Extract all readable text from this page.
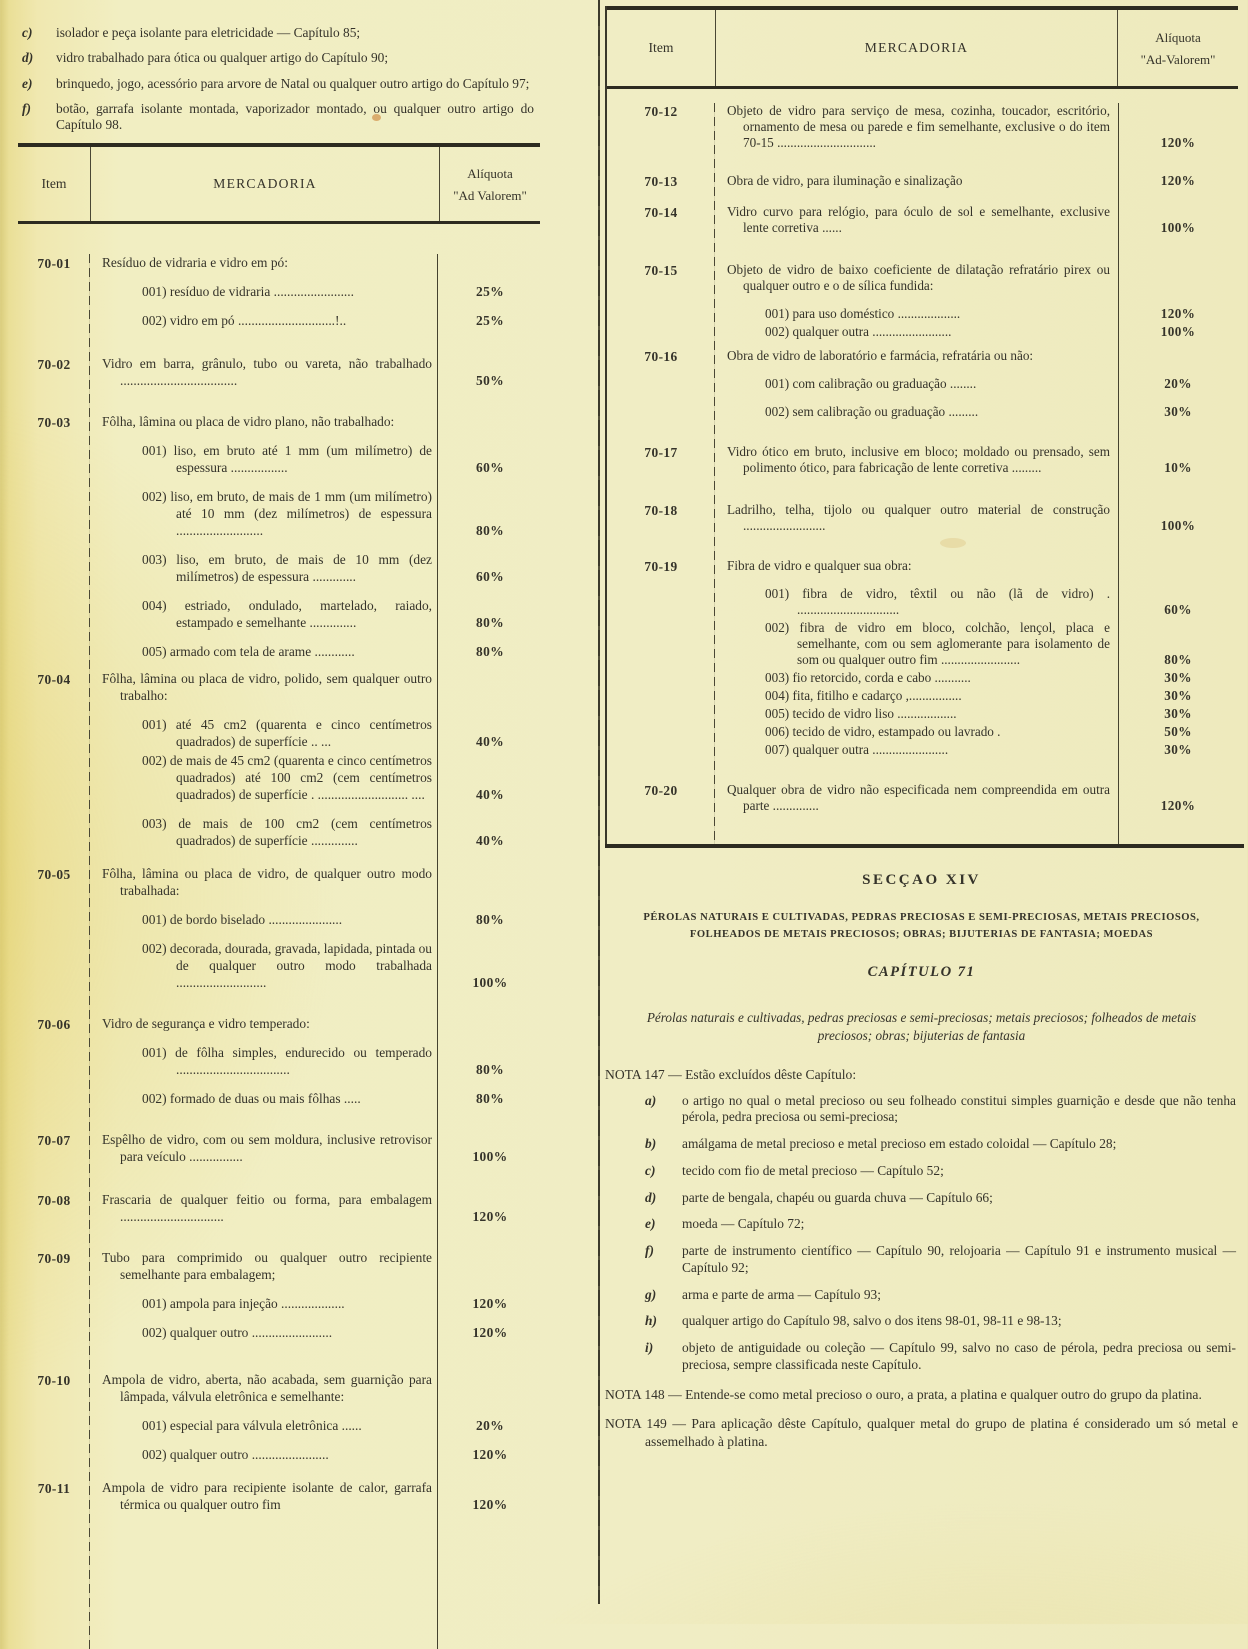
c)	isolador e peça isolante para eletricidade — Capítulo 85;
d)	vidro trabalhado para ótica ou qualquer artigo do Capítulo 90;
e)	brinquedo, jogo, acessório para arvore de Natal ou qualquer outro artigo do Capítulo 97;
f)	botão, garrafa isolante montada, vaporizador montado, ou qualquer outro artigo do Capítulo 98.
Item	MERCADORIA
Alíquota
"Ad Valorem"
70-01	Resíduo de vidraria e vidro em pó:
001) resíduo de vidraria ........................	25%
002) vidro em pó .............................!..	25%
70-02	Vidro em barra, grânulo, tubo ou vareta, não trabalhado ...................................	50%
70-03	Fôlha, lâmina ou placa de vidro plano, não trabalhado:
001) liso, em bruto até 1 mm (um milímetro) de espessura .................	60%
002) liso, em bruto, de mais de 1 mm (um milímetro) até 10 mm (dez milímetros) de espessura ..........................	80%
003) liso, em bruto, de mais de 10 mm (dez milímetros) de espessura .............	60%
004) estriado, ondulado, martelado, raiado, estampado e semelhante ..............	80%
005) armado com tela de arame ............	80%
70-04	Fôlha, lâmina ou placa de vidro, polido, sem qualquer outro trabalho:
001) até 45 cm2 (quarenta e cinco centímetros quadrados) de superfície .. ...	40%
002) de mais de 45 cm2 (quarenta e cinco centímetros quadrados) até 100 cm2 (cem centímetros quadrados) de superfície . ........................... ....	40%
003) de mais de 100 cm2 (cem centímetros quadrados) de superfície ..............	40%
70-05	Fôlha, lâmina ou placa de vidro, de qualquer outro modo trabalhada:
001) de bordo biselado ......................	80%
002) decorada, dourada, gravada, lapidada, pintada ou de qualquer outro modo trabalhada ...........................	100%
70-06	Vidro de segurança e vidro temperado:
001) de fôlha simples, endurecido ou temperado ..................................	80%
002) formado de duas ou mais fôlhas .....	80%
70-07	Espêlho de vidro, com ou sem moldura, inclusive retrovisor para veículo ................	100%
70-08	Frascaria de qualquer feitio ou forma, para embalagem ...............................	120%
70-09	Tubo para comprimido ou qualquer outro recipiente semelhante para embalagem;
001) ampola para injeção ...................	120%
002) qualquer outro ........................	120%
70-10	Ampola de vidro, aberta, não acabada, sem guarnição para lâmpada, válvula eletrônica e semelhante:
001) especial para válvula eletrônica ......	20%
002) qualquer outro .......................	120%
70-11	Ampola de vidro para recipiente isolante de calor, garrafa térmica ou qualquer outro fim	120%
Item	MERCADORIA
Alíquota
"Ad-Valorem"
70-12	Objeto de vidro para serviço de mesa, cozinha, toucador, escritório, ornamento de mesa ou parede e fim semelhante, exclusive o do item 70-15 ..............................	120%
70-13	Obra de vidro, para iluminação e sinalização	120%
70-14	Vidro curvo para relógio, para óculo de sol e semelhante, exclusive lente corretiva ......	100%
70-15	Objeto de vidro de baixo coeficiente de dilatação refratário pirex ou qualquer outro e o de sílica fundida:
001) para uso doméstico ...................	120%
002) qualquer outra ........................	100%
70-16	Obra de vidro de laboratório e farmácia, refratária ou não:
001) com calibração ou graduação ........	20%
002) sem calibração ou graduação .........	30%
70-17	Vidro ótico em bruto, inclusive em bloco; moldado ou prensado, sem polimento ótico, para fabricação de lente corretiva .........	10%
70-18	Ladrilho, telha, tijolo ou qualquer outro material de construção .........................	100%
70-19	Fibra de vidro e qualquer sua obra:
001) fibra de vidro, têxtil ou não (lã de vidro) . ...............................	60%
002) fibra de vidro em bloco, colchão, lençol, placa e semelhante, com ou sem aglomerante para isolamento de som ou qualquer outro fim ........................	80%
003) fio retorcido, corda e cabo ...........	30%
004) fita, fitilho e cadarço ,................	30%
005) tecido de vidro liso ..................	30%
006) tecido de vidro, estampado ou lavrado .	50%
007) qualquer outra .......................	30%
70-20	Qualquer obra de vidro não especificada nem compreendida em outra parte ..............	120%
SECÇAO XIV
PÉROLAS NATURAIS E CULTIVADAS, PEDRAS PRECIOSAS E SEMI-PRECIOSAS, METAIS PRECIOSOS, FOLHEADOS DE METAIS PRECIOSOS; OBRAS; BIJUTERIAS DE FANTASIA; MOEDAS
CAPÍTULO 71
Pérolas naturais e cultivadas, pedras preciosas e semi-preciosas; metais preciosos; folheados de metais preciosos; obras; bijuterias de fantasia
NOTA 147 — Estão excluídos dêste Capítulo:
a)	o artigo no qual o metal precioso ou seu folheado constitui simples guarnição e desde que não tenha pérola, pedra preciosa ou semi-preciosa;
b)	amálgama de metal precioso e metal precioso em estado coloidal — Capítulo 28;
c)	tecido com fio de metal precioso — Capítulo 52;
d)	parte de bengala, chapéu ou guarda chuva — Capítulo 66;
e)	moeda — Capítulo 72;
f)	parte de instrumento científico — Capítulo 90, relojoaria — Capítulo 91 e instrumento musical — Capítulo 92;
g)	arma e parte de arma — Capítulo 93;
h)	qualquer artigo do Capítulo 98, salvo o dos itens 98-01, 98-11 e 98-13;
i)	objeto de antiguidade ou coleção — Capítulo 99, salvo no caso de pérola, pedra preciosa ou semi-preciosa, sempre classificada neste Capítulo.
NOTA 148 — Entende-se como metal precioso o ouro, a prata, a platina e qualquer outro do grupo da platina.
NOTA 149 — Para aplicação dêste Capítulo, qualquer metal do grupo de platina é considerado um só metal e assemelhado à platina.
